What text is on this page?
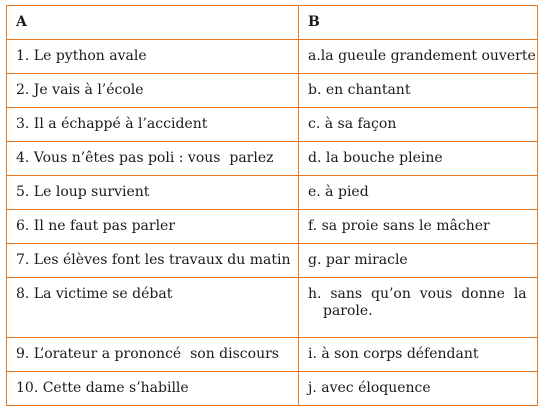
A	B
1. Le python avale	a.la gueule grandement ouverte
2. Je vais à l’école	b. en chantant
3. Il a échappé à l’accident	c. à sa façon
4. Vous n’êtes pas poli : vous  parlez	d. la bouche pleine
5. Le loup survient	e. à pied
6. Il ne faut pas parler	f. sa proie sans le mâcher
7. Les élèves font les travaux du matin	g. par miracle
8. La victime se débat	h.  sans  qu’on  vous  donne  la
parole.

9. L’orateur a prononcé  son discours	i. à son corps défendant
10. Cette dame s’habille	j. avec éloquence
